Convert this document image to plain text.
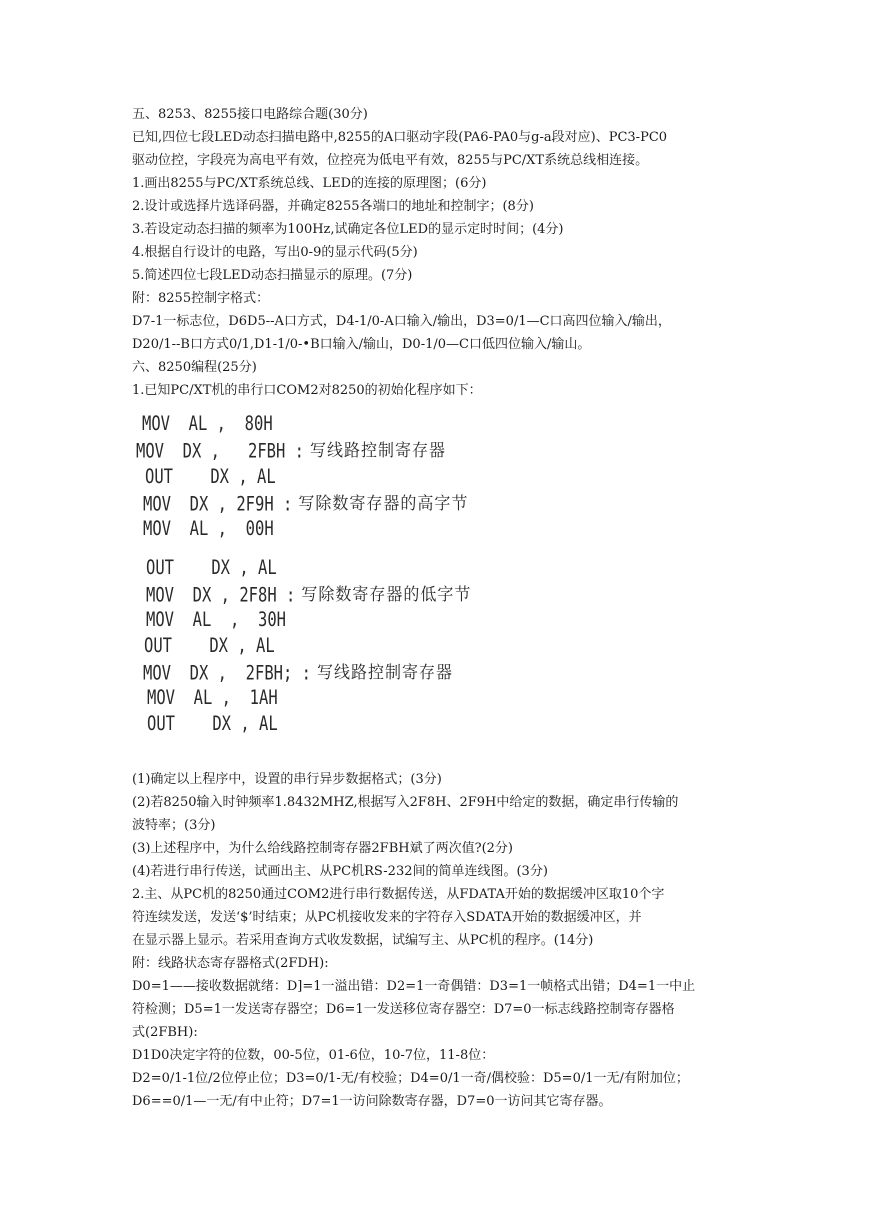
五、8253、8255接口电路综合题(30分)

已知,四位七段LED动态扫描电路中,8255的A口驱动字段(PA6-PA0与g-a段对应)、PC3-PC0

驱动位控，字段亮为高电平有效，位控亮为低电平有效，8255与PC/XT系统总线相连接。

1.画出8255与PC/XT系统总线、LED的连接的原理图；(6分)

2.设计或选择片选译码器，并确定8255各端口的地址和控制字；(8分)

3.若设定动态扫描的频率为100Hz,试确定各位LED的显示定时时间；(4分)

4.根据自行设计的电路，写出0-9的显示代码(5分)

5.简述四位七段LED动态扫描显示的原理。(7分)

附：8255控制字格式：

D7-1一标志位，D6D5--A口方式，D4-1/0-A口输入/输出，D3=0/1—C口高四位输入/输出，

D20/1--B口方式0/1,D1-1/0-•B口输入/输山，D0-1/0—C口低四位输入/输山。

六、8250编程(25分)

1.已知PC/XT机的串行口COM2对8250的初始化程序如下：

MOV AL ,  80H
MOV DX ,   2FBH : 写线路控制寄存器
OUT    DX , AL
MOV DX , 2F9H : 写除数寄存器的高字节
MOV AL ,  00H
OUT    DX , AL
MOV DX , 2F8H : 写除数寄存器的低字节
MOV AL  ,  30H
OUT    DX , AL
MOV DX ,  2FBH; : 写线路控制寄存器
MOV AL ,  1AH
OUT    DX , AL

(1)确定以上程序中，设置的串行异步数据格式；(3分)

(2)若8250输入时钟频率1.8432MHZ,根据写入2F8H、2F9H中给定的数据，确定串行传输的

波特率；(3分)

(3)上述程序中，为什么给线路控制寄存器2FBH斌了两次值?(2分)

(4)若进行串行传送，试画出主、从PC机RS-232间的简单连线图。(3分)

2.主、从PC机的8250通过COM2进行串行数据传送，从FDATA开始的数据缓冲区取10个字

符连续发送，发送‘$’时结束；从PC机接收发来的字符存入SDATA开始的数据缓冲区，并

在显示器上显示。若采用查询方式收发数据，试编写主、从PC机的程序。(14分)

附：线路状态寄存器格式(2FDH):

D0=1——接收数据就绪：D]=1一溢出错：D2=1一奇偶错：D3=1一帧格式出错；D4=1一中止

符检测；D5=1一发送寄存器空；D6=1一发送移位寄存器空：D7=0一标志线路控制寄存器格

式(2FBH):

D1D0决定字符的位数，00-5位，01-6位，10-7位，11-8位：

D2=0/1-1位/2位停止位；D3=0/1-无/有校验；D4=0/1一奇/偶校验：D5=0/1一无/有附加位；

D6==0/1—一无/有中止符；D7=1一访问除数寄存器，D7=0一访问其它寄存器。
